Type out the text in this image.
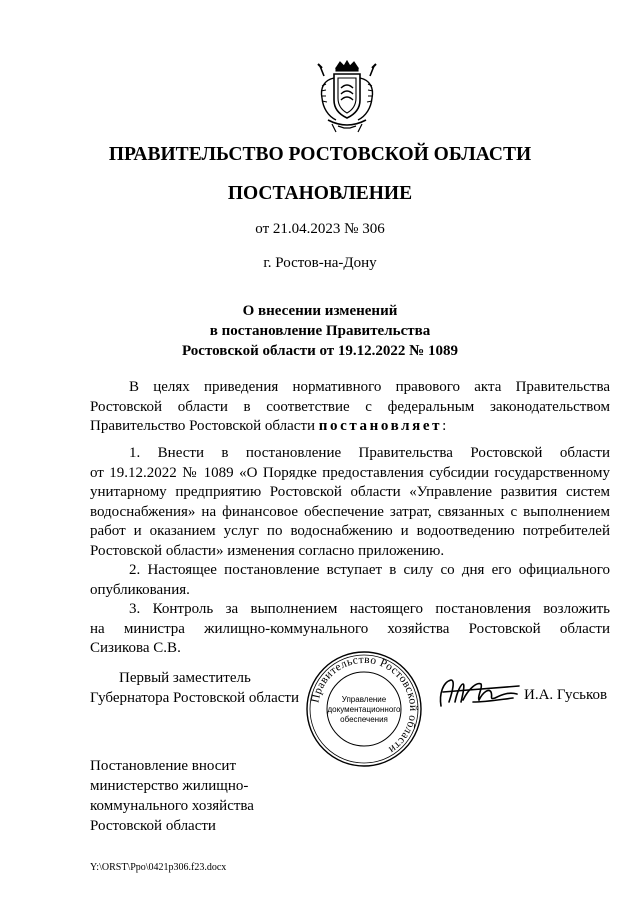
ПРАВИТЕЛЬСТВО РОСТОВСКОЙ ОБЛАСТИ
ПОСТАНОВЛЕНИЕ
от 21.04.2023 № 306
г. Ростов-на-Дону
О внесении изменений
в постановление Правительства
Ростовской области от 19.12.2022 № 1089
В целях приведения нормативного правового акта Правительства
Ростовской области в соответствие с федеральным законодательством
Правительство Ростовской области постановляет:
1. Внести в постановление Правительства Ростовской области
от 19.12.2022 № 1089 «О Порядке предоставления субсидии государственному
унитарному предприятию Ростовской области «Управление развития систем
водоснабжения» на финансовое обеспечение затрат, связанных с выполнением
работ и оказанием услуг по водоснабжению и водоотведению потребителей
Ростовской области» изменения согласно приложению.
2. Настоящее постановление вступает в силу со дня его официального
опубликования.
3. Контроль за выполнением настоящего постановления возложить
на министра жилищно-коммунального хозяйства Ростовской области
Сизикова С.В.
Первый заместитель
Губернатора Ростовской области Правительство Ростовской области
Управление
документационного
обеспечения
И.А. Гуськов
Постановление вносит
министерство жилищно-
коммунального хозяйства
Ростовской области
Y:\ORST\Ppo\0421p306.f23.docx
